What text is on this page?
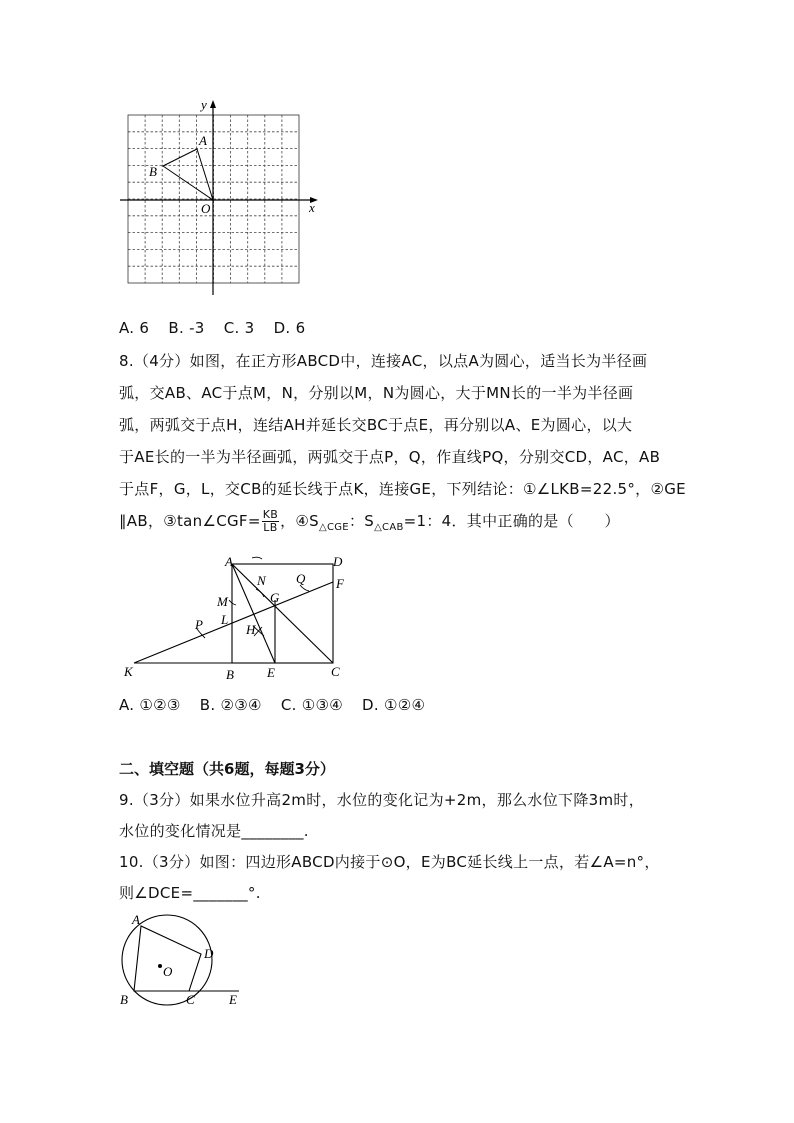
y
x
A
B
O
A. 6 B. -3 C. 3 D. 6
8.（4分）如图，在正方形ABCD中，连接AC，以点A为圆心，适当长为半径画
弧，交AB、AC于点M，N，分别以M，N为圆心，大于MN长的一半为半径画
弧，两弧交于点H，连结AH并延长交BC于点E，再分别以A、E为圆心，以大
于AE长的一半为半径画弧，两弧交于点P，Q，作直线PQ，分别交CD，AC，AB
于点F，G，L，交CB的延长线于点K，连接GE，下列结论：①∠LKB=22.5°，②GE
∥AB，③tan∠CGF= $\frac{KB}{LB}$ ，$④S_{\triangle CGE}$：$S_{\triangle CAB}=1$：4．其中正确的是（　　）
A	D
F
N Q
M	G
L
P	H
K	B	E	C
A. ①②③ B. ②③④ C. ①③④ D. ①②④
二、填空题（共6题，每题3分）
9.（3分）如果水位升高2m时，水位的变化记为+2m，那么水位下降3m时，
水位的变化情况是________.
10.（3分）如图：四边形ABCD内接于⊙O，E为BC延长线上一点，若∠A=n°，
则∠DCE=_______°.
A
D
O
B	C	E
